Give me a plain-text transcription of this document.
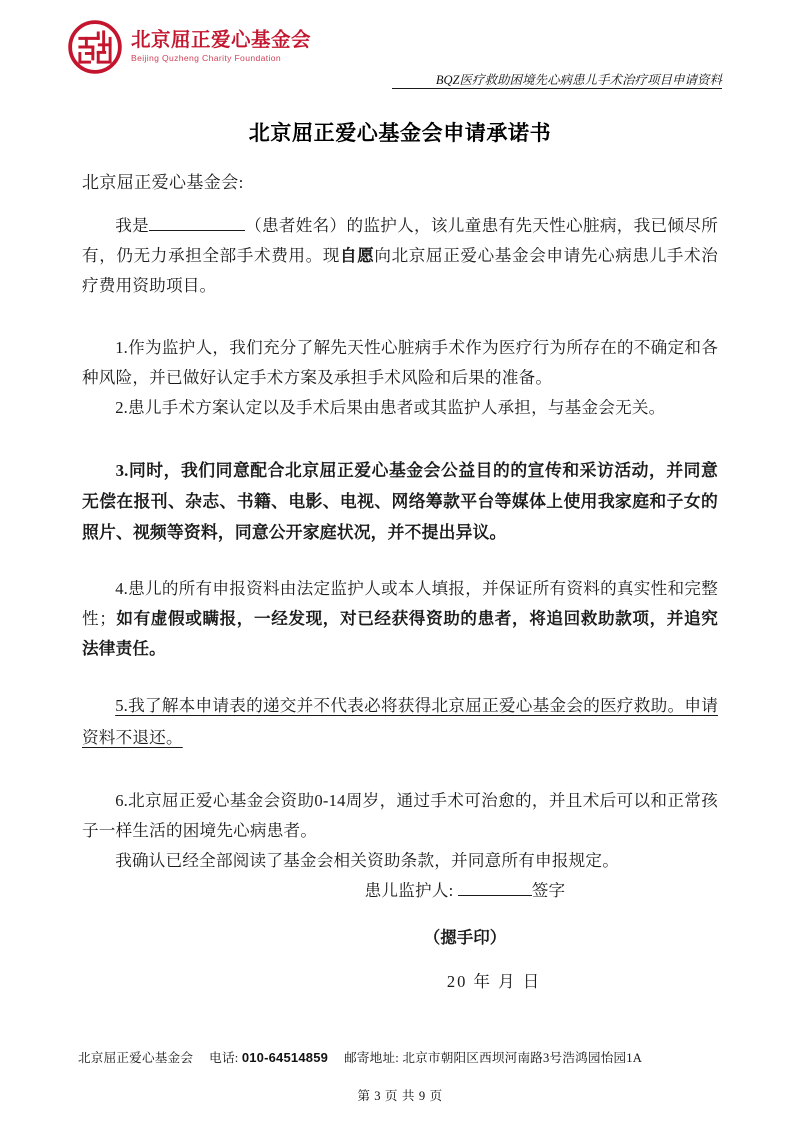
北京屈正爱心基金会
Beijing Quzheng Charity Foundation
BQZ医疗救助困境先心病患儿手术治疗项目申请资料
北京屈正爱心基金会申请承诺书
北京屈正爱心基金会:

我是	（患者姓名）的监护人，该儿童患有先天性心脏病，我已倾尽所有，仍无力承担全部手术费用。现自愿向北京屈正爱心基金会申请先心病患儿手术治疗费用资助项目。

1.作为监护人，我们充分了解先天性心脏病手术作为医疗行为所存在的不确定和各种风险，并已做好认定手术方案及承担手术风险和后果的准备。

2.患儿手术方案认定以及手术后果由患者或其监护人承担，与基金会无关。

3.同时，我们同意配合北京屈正爱心基金会公益目的的宣传和采访活动，并同意无偿在报刊、杂志、书籍、电影、电视、网络筹款平台等媒体上使用我家庭和子女的照片、视频等资料，同意公开家庭状况，并不提出异议。

4.患儿的所有申报资料由法定监护人或本人填报，并保证所有资料的真实性和完整性；如有虚假或瞒报，一经发现，对已经获得资助的患者，将追回救助款项，并追究法律责任。

5.我了解本申请表的递交并不代表必将获得北京屈正爱心基金会的医疗救助。申请资料不退还。

6.北京屈正爱心基金会资助0-14周岁，通过手术可治愈的，并且术后可以和正常孩子一样生活的困境先心病患者。

我确认已经全部阅读了基金会相关资助条款，并同意所有申报规定。

患儿监护人:	签字
（摁手印）
20 年 月 日
北京屈正爱心基金会 电话: 010-64514859 邮寄地址: 北京市朝阳区西坝河南路3号浩鸿园怡园1A
第 3 页 共 9 页
